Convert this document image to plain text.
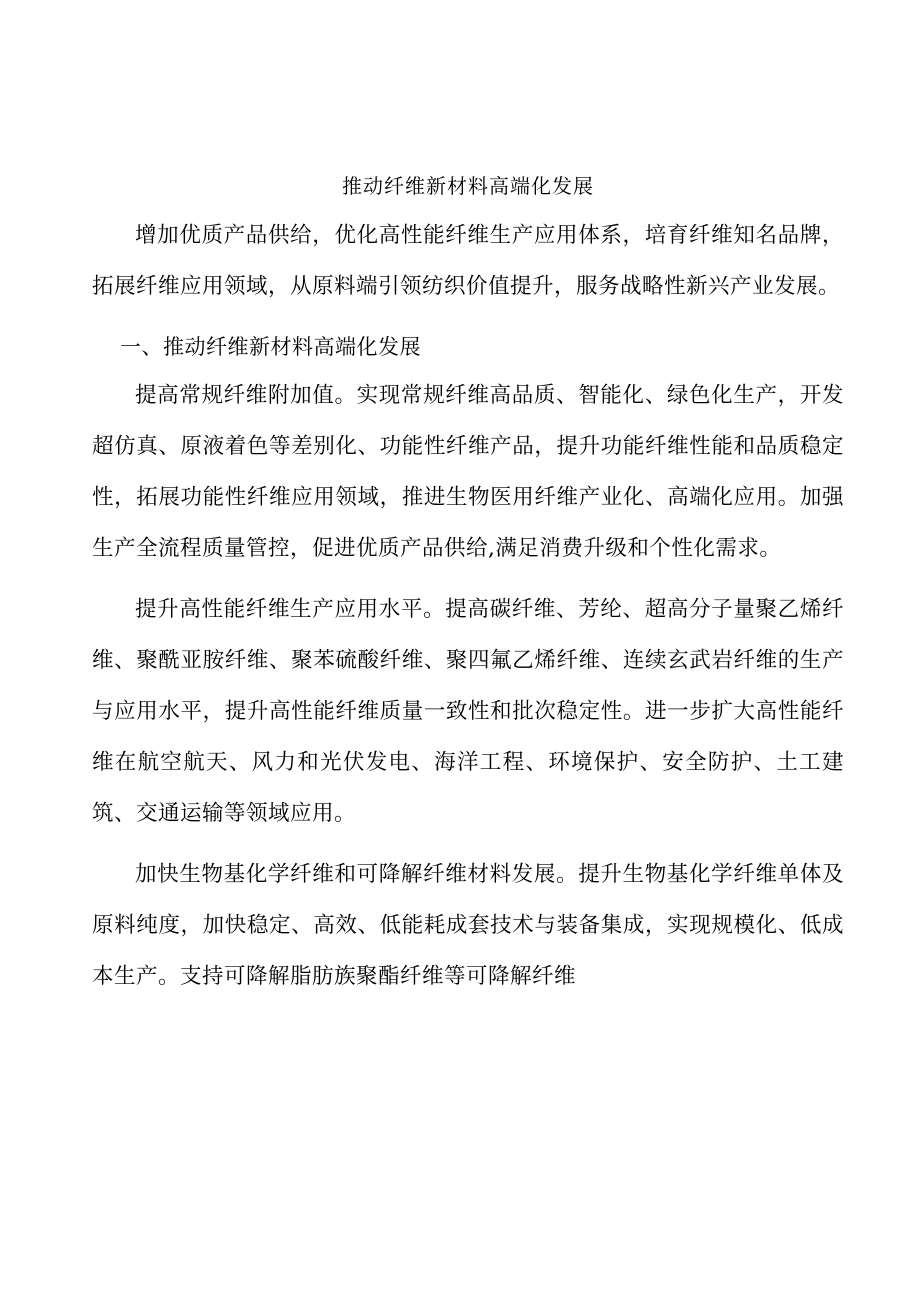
推动纤维新材料高端化发展

增加优质产品供给，优化高性能纤维生产应用体系，培育纤维知名品牌，拓展纤维应用领域，从原料端引领纺织价值提升，服务战略性新兴产业发展。

一、推动纤维新材料高端化发展

提高常规纤维附加值。实现常规纤维高品质、智能化、绿色化生产，开发超仿真、原液着色等差别化、功能性纤维产品，提升功能纤维性能和品质稳定性，拓展功能性纤维应用领域，推进生物医用纤维产业化、高端化应用。加强生产全流程质量管控，促进优质产品供给,满足消费升级和个性化需求。

提升高性能纤维生产应用水平。提高碳纤维、芳纶、超高分子量聚乙烯纤维、聚酰亚胺纤维、聚苯硫酸纤维、聚四氟乙烯纤维、连续玄武岩纤维的生产与应用水平，提升高性能纤维质量一致性和批次稳定性。进一步扩大高性能纤维在航空航天、风力和光伏发电、海洋工程、环境保护、安全防护、土工建筑、交通运输等领域应用。

加快生物基化学纤维和可降解纤维材料发展。提升生物基化学纤维单体及原料纯度，加快稳定、高效、低能耗成套技术与装备集成，实现规模化、低成本生产。支持可降解脂肪族聚酯纤维等可降解纤维
